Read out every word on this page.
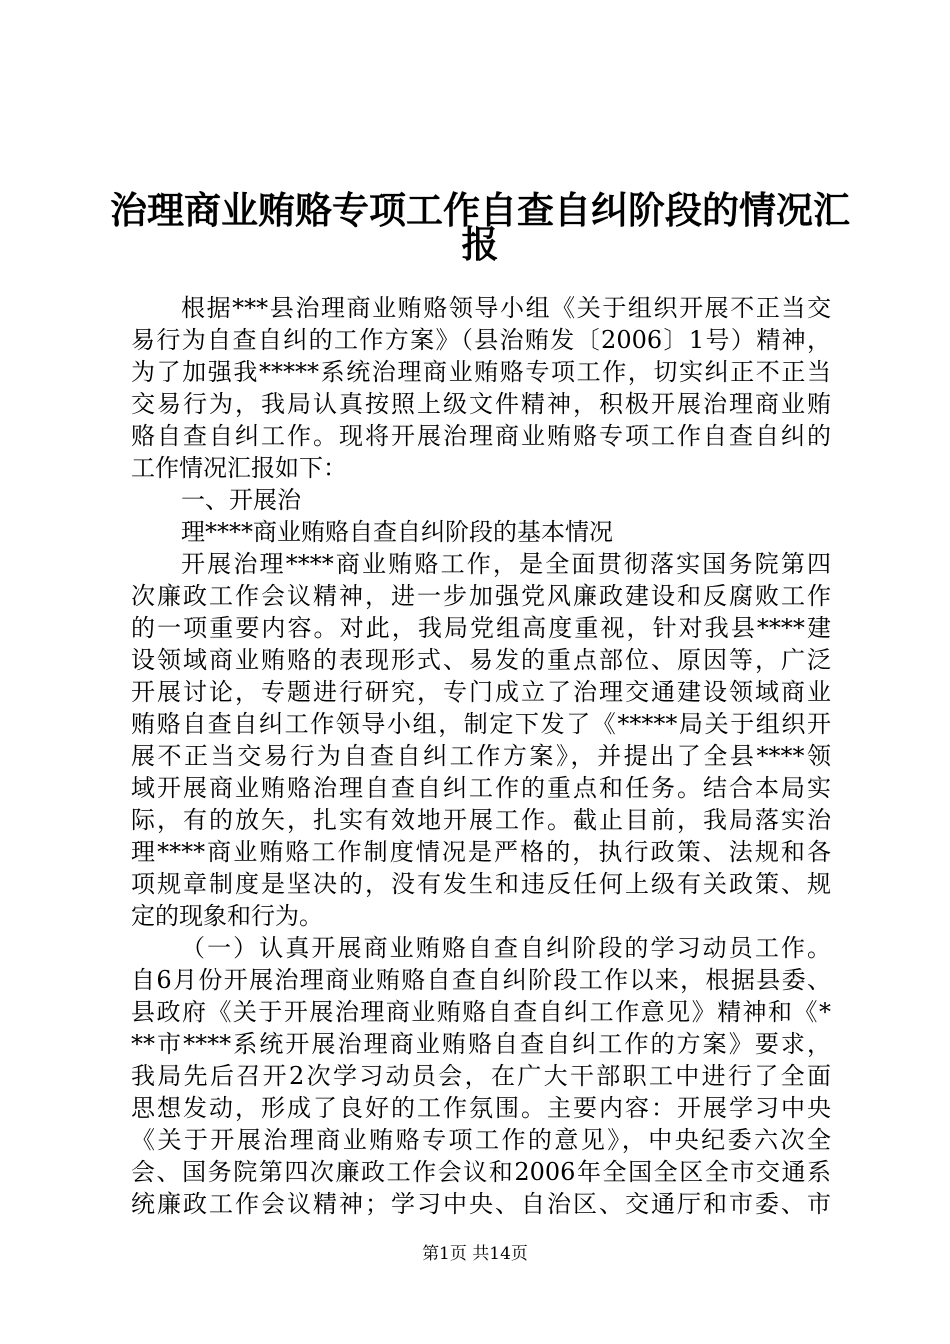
治理商业贿赂专项工作自查自纠阶段的情况汇
报
根据***县治理商业贿赂领导小组《关于组织开展不正当交
易行为自查自纠的工作方案》（县治贿发〔2006〕1号）精神，
为了加强我*****系统治理商业贿赂专项工作，切实纠正不正当
交易行为，我局认真按照上级文件精神，积极开展治理商业贿
赂自查自纠工作。现将开展治理商业贿赂专项工作自查自纠的
工作情况汇报如下：
一、开展治
理****商业贿赂自查自纠阶段的基本情况
开展治理****商业贿赂工作，是全面贯彻落实国务院第四
次廉政工作会议精神，进一步加强党风廉政建设和反腐败工作
的一项重要内容。对此，我局党组高度重视，针对我县****建
设领域商业贿赂的表现形式、易发的重点部位、原因等，广泛
开展讨论，专题进行研究，专门成立了治理交通建设领域商业
贿赂自查自纠工作领导小组，制定下发了《*****局关于组织开
展不正当交易行为自查自纠工作方案》，并提出了全县****领
域开展商业贿赂治理自查自纠工作的重点和任务。结合本局实
际，有的放矢，扎实有效地开展工作。截止目前，我局落实治
理****商业贿赂工作制度情况是严格的，执行政策、法规和各
项规章制度是坚决的，没有发生和违反任何上级有关政策、规
定的现象和行为。
（一）认真开展商业贿赂自查自纠阶段的学习动员工作。
自6月份开展治理商业贿赂自查自纠阶段工作以来，根据县委、
县政府《关于开展治理商业贿赂自查自纠工作意见》精神和《*
**市****系统开展治理商业贿赂自查自纠工作的方案》要求，
我局先后召开2次学习动员会，在广大干部职工中进行了全面
思想发动，形成了良好的工作氛围。主要内容：开展学习中央
《关于开展治理商业贿赂专项工作的意见》，中央纪委六次全
会、国务院第四次廉政工作会议和2006年全国全区全市交通系
统廉政工作会议精神；学习中央、自治区、交通厅和市委、市
第1页 共14页
